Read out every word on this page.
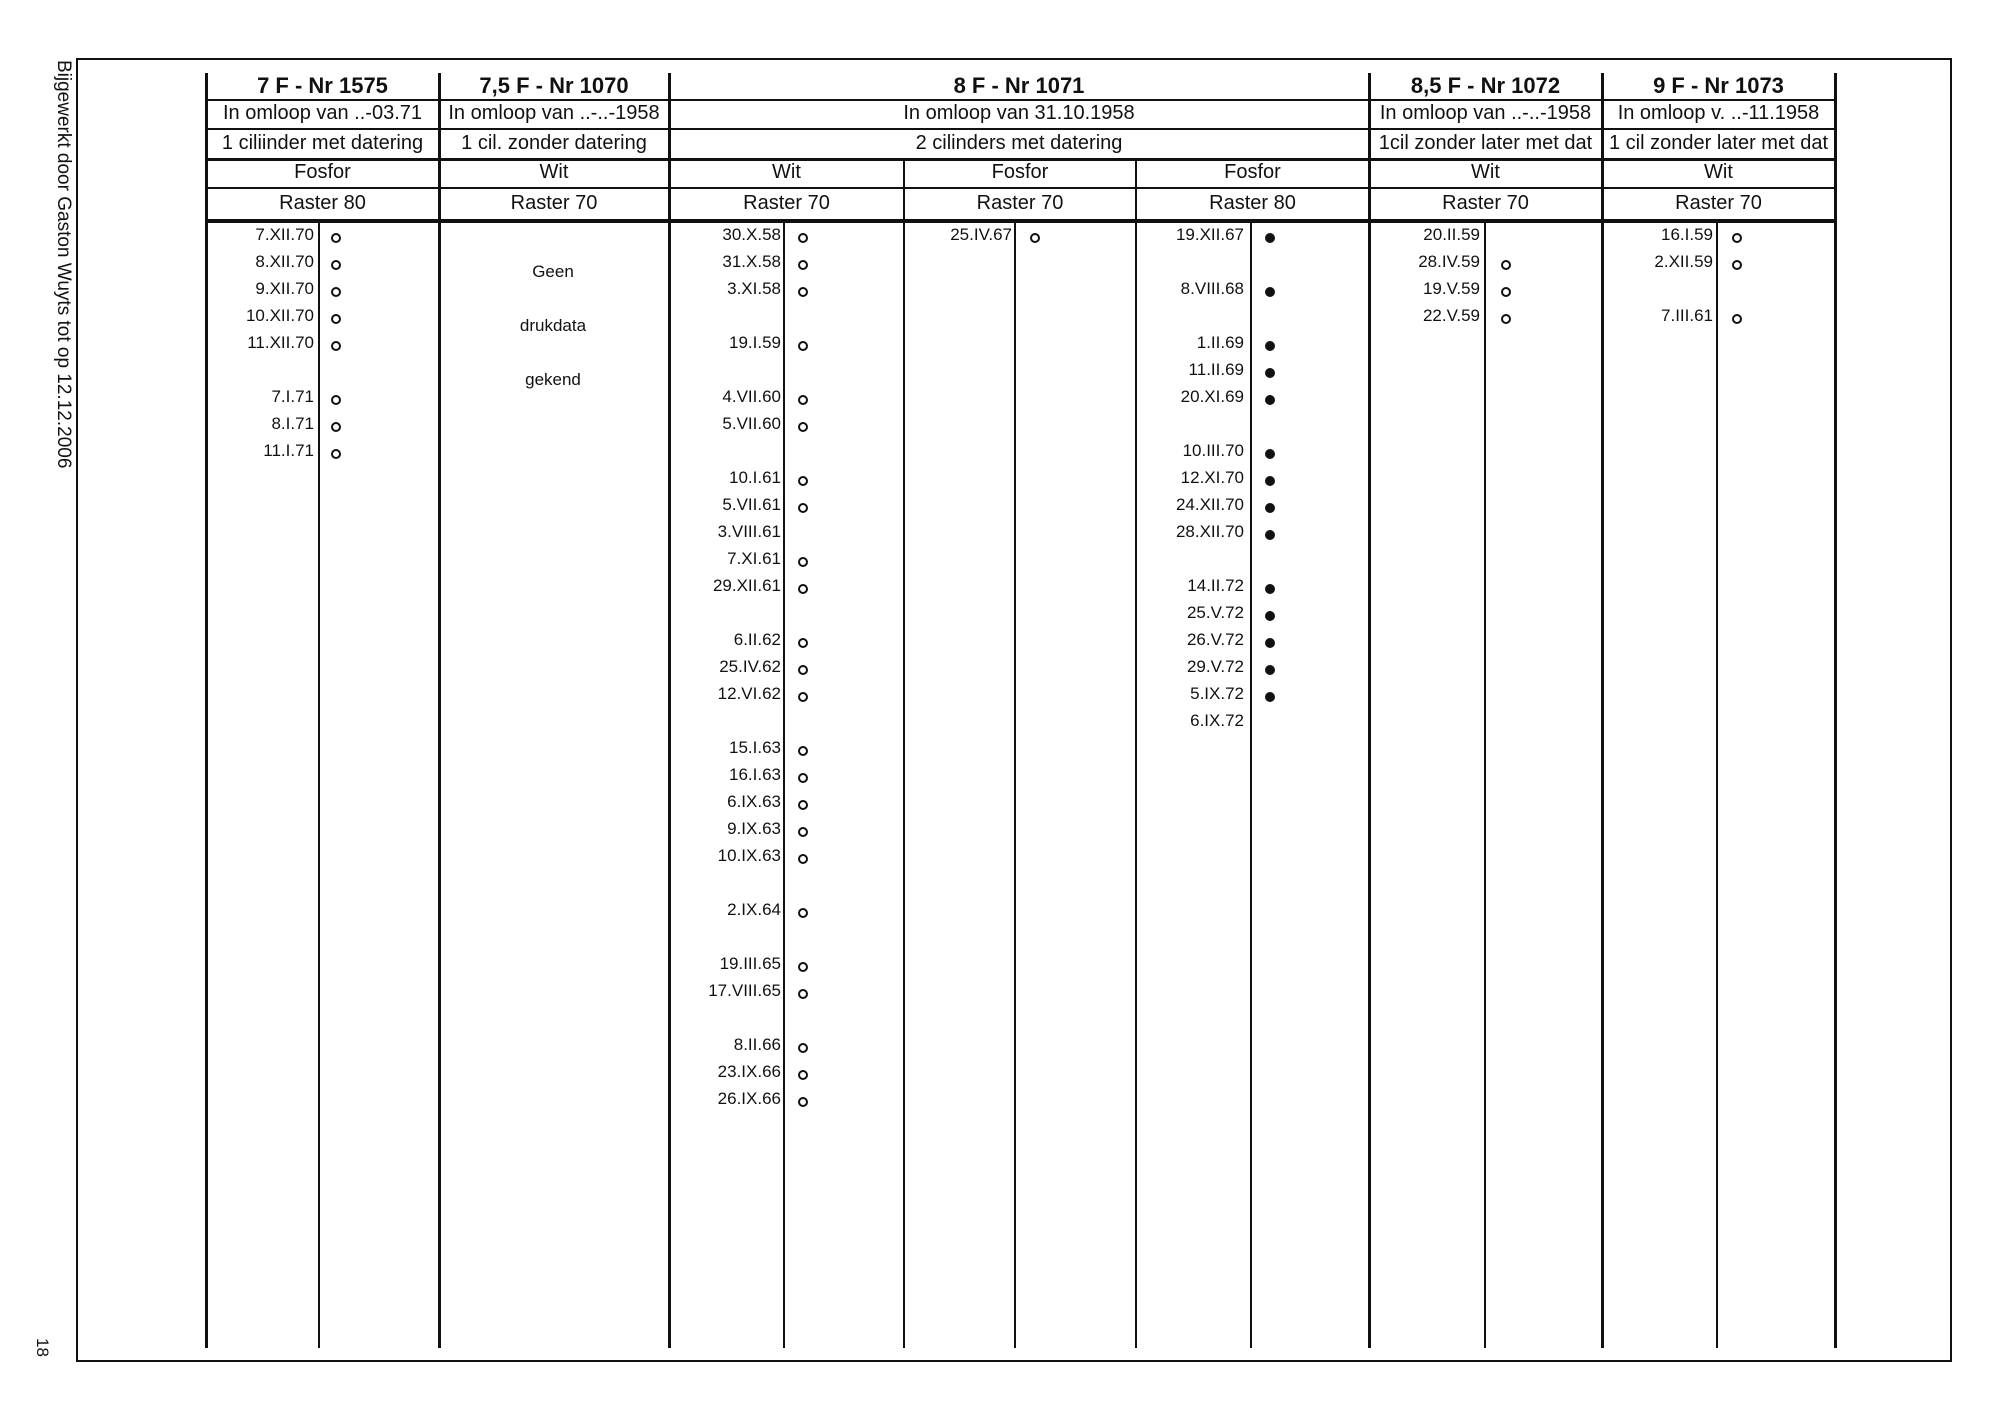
Bijgewerkt door Gaston Wuyts tot op 12.12.2006
18
7 F - Nr 1575
In omloop van ..-03.71
1 ciliinder met datering
7,5 F - Nr 1070
In omloop van ..-..-1958
1 cil. zonder datering
8 F - Nr 1071
In omloop van 31.10.1958
2 cilinders met datering
8,5 F - Nr 1072
In omloop van ..-..-1958
1cil zonder later met dat
9 F - Nr 1073
In omloop v. ..-11.1958
1 cil zonder later met dat
Fosfor
Raster 80
7.XII.70
8.XII.70
9.XII.70
10.XII.70
11.XII.70
7.I.71
8.I.71
11.I.71
Wit
Raster 70
Wit
Raster 70
30.X.58
31.X.58
3.XI.58
19.I.59
4.VII.60
5.VII.60
10.I.61
5.VII.61
3.VIII.61
7.XI.61
29.XII.61
6.II.62
25.IV.62
12.VI.62
15.I.63
16.I.63
6.IX.63
9.IX.63
10.IX.63
2.IX.64
19.III.65
17.VIII.65
8.II.66
23.IX.66
26.IX.66
Fosfor
Raster 70
25.IV.67
Fosfor
Raster 80
19.XII.67
8.VIII.68
1.II.69
11.II.69
20.XI.69
10.III.70
12.XI.70
24.XII.70
28.XII.70
14.II.72
25.V.72
26.V.72
29.V.72
5.IX.72
6.IX.72
Wit
Raster 70
20.II.59
28.IV.59
19.V.59
22.V.59
Wit
Raster 70
16.I.59
2.XII.59
7.III.61
Geen
drukdata
gekend
